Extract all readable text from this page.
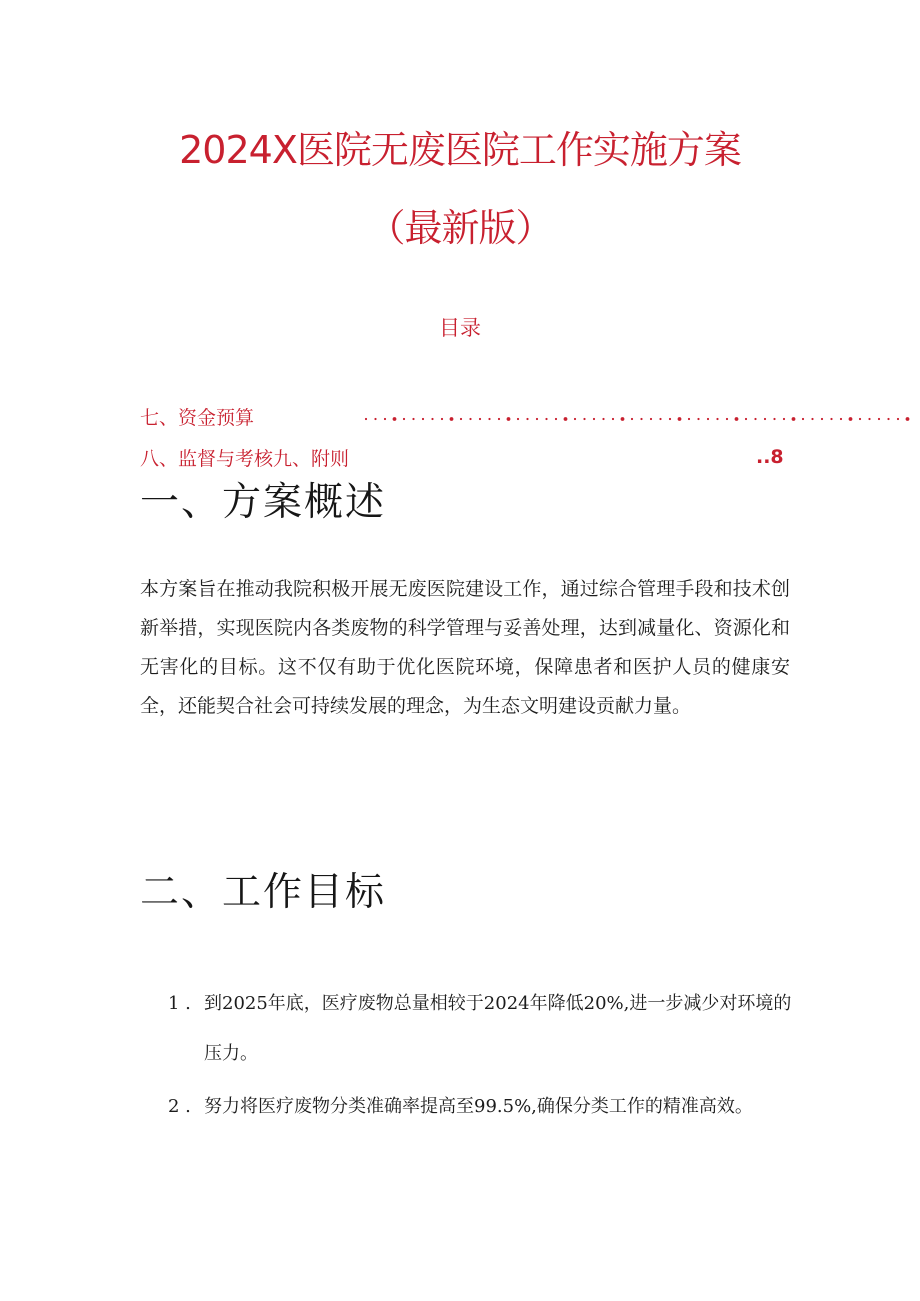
2024X医院无废医院工作实施方案
（最新版）
目录
七、资金预算
八、监督与考核九、附则	..8
一、方案概述

本方案旨在推动我院积极开展无废医院建设工作，通过综合管理手段和技术创新举措，实现医院内各类废物的科学管理与妥善处理，达到减量化、资源化和无害化的目标。这不仅有助于优化医院环境，保障患者和医护人员的健康安全，还能契合社会可持续发展的理念，为生态文明建设贡献力量。

二、工作目标
1 . 到2025年底，医疗废物总量相较于2024年降低20%,进一步减少对环境的压力。
2 . 努力将医疗废物分类准确率提高至99.5%,确保分类工作的精准高效。
